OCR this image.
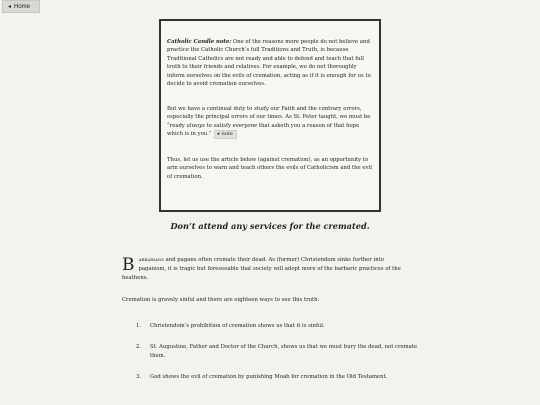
◂ Home

Catholic Candle note: One of the reasons more people do not believe and practice the Catholic Church’s full Traditions and Truth, is because Traditional Catholics are not ready and able to defend and teach that full truth to their friends and relatives. For example, we do not thoroughly inform ourselves on the evils of cremation, acting as if it is enough for us to decide to avoid cremation ourselves.

But we have a continual duty to study our Faith and the contrary errors, especially the principal errors of our times. As St. Peter taught, we must be “ready always to satisfy everyone that asketh you a reason of that hope which is in you.” ▸ note

Thus, let us use the article below (against cremation), as an opportunity to arm ourselves to warn and teach others the evils of Catholicism and the evil of cremation.

Don’t attend any services for the cremated.
Barbarians and pagans often cremate their dead. As (former) Christendom sinks further into paganism, it is tragic but foreseeable that society will adopt more of the barbaric practices of the heathens.
Cremation is gravely sinful and there are eighteen ways to see this truth:
1.	Christendom’s prohibition of cremation shows us that it is sinful.
2.	St. Augustine, Father and Doctor of the Church, shows us that we must bury the dead, not cremate them.
3.	God shows the evil of cremation by punishing Moab for cremation in the Old Testament.
